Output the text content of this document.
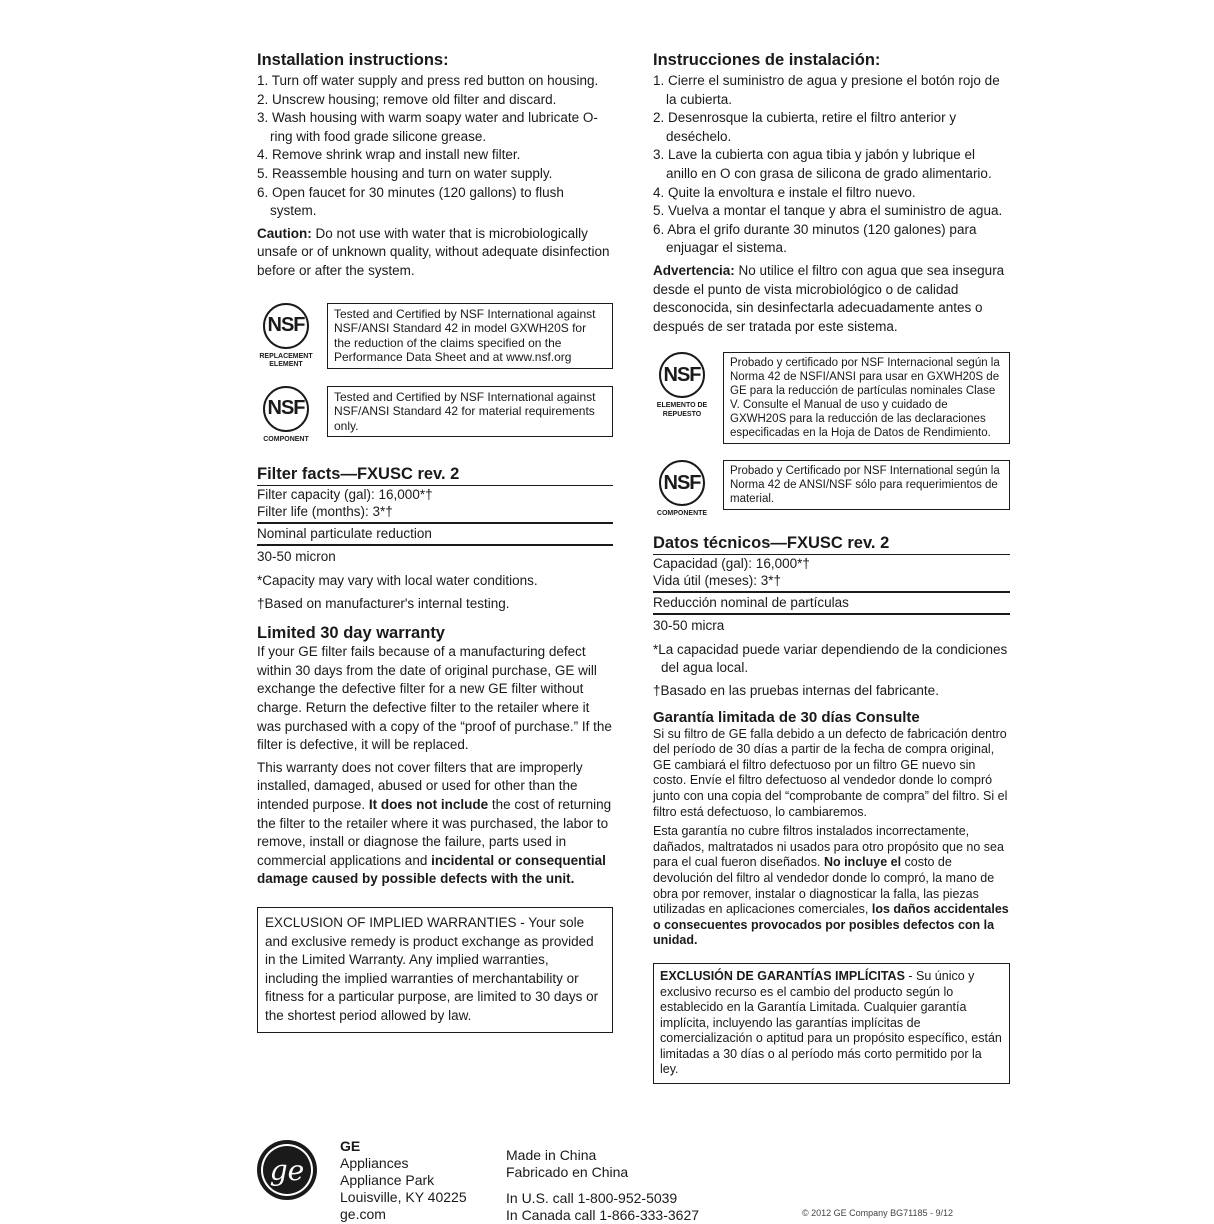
Installation instructions:
1. Turn off water supply and press red button on housing.
2. Unscrew housing; remove old filter and discard.
3. Wash housing with warm soapy water and lubricate O-ring with food grade silicone grease.
4. Remove shrink wrap and install new filter.
5. Reassemble housing and turn on water supply.
6. Open faucet for 30 minutes (120 gallons) to flush system.

Caution: Do not use with water that is microbiologically unsafe or of unknown quality, without adequate disinfection before or after the system.

NSF
REPLACEMENT ELEMENT
Tested and Certified by NSF International against NSF/ANSI Standard 42 in model GXWH20S for the reduction of the claims specified on the Performance Data Sheet and at www.nsf.org
NSF
COMPONENT
Tested and Certified by NSF International against NSF/ANSI Standard 42 for material requirements only.
Filter facts—FXUSC rev. 2
Filter capacity (gal): 16,000*†
Filter life (months): 3*†
Nominal particulate reduction
30-50 micron
*Capacity may vary with local water conditions.
†Based on manufacturer's internal testing.
Limited 30 day warranty

If your GE filter fails because of a manufacturing defect within 30 days from the date of original purchase, GE will exchange the defective filter for a new GE filter without charge. Return the defective filter to the retailer where it was purchased with a copy of the “proof of purchase.” If the filter is defective, it will be replaced.

This warranty does not cover filters that are improperly installed, damaged, abused or used for other than the intended purpose. It does not include the cost of returning the filter to the retailer where it was purchased, the labor to remove, install or diagnose the failure, parts used in commercial applications and incidental or consequential damage caused by possible defects with the unit.

EXCLUSION OF IMPLIED WARRANTIES - Your sole and exclusive remedy is product exchange as provided in the Limited Warranty. Any implied warranties, including the implied warranties of merchantability or fitness for a particular purpose, are limited to 30 days or the shortest period allowed by law.
Instrucciones de instalación:
1. Cierre el suministro de agua y presione el botón rojo de la cubierta.
2. Desenrosque la cubierta, retire el filtro anterior y deséchelo.
3. Lave la cubierta con agua tibia y jabón y lubrique el anillo en O con grasa de silicona de grado alimentario.
4. Quite la envoltura e instale el filtro nuevo.
5. Vuelva a montar el tanque y abra el suministro de agua.
6. Abra el grifo durante 30 minutos (120 galones) para enjuagar el sistema.

Advertencia: No utilice el filtro con agua que sea insegura desde el punto de vista microbiológico o de calidad desconocida, sin desinfectarla adecuadamente antes o después de ser tratada por este sistema.

NSF
ELEMENTO DE REPUESTO
Probado y certificado por NSF Internacional según la Norma 42 de NSFI/ANSI para usar en GXWH20S de GE para la reducción de partículas nominales Clase V. Consulte el Manual de uso y cuidado de GXWH20S para la reducción de las declaraciones especificadas en la Hoja de Datos de Rendimiento.
NSF
COMPONENTE
Probado y Certificado por NSF International según la Norma 42 de ANSI/NSF sólo para requerimientos de material.
Datos técnicos—FXUSC rev. 2
Capacidad (gal): 16,000*†
Vida útil (meses): 3*†
Reducción nominal de partículas
30-50 micra
*La capacidad puede variar dependiendo de la condiciones del agua local.
†Basado en las pruebas internas del fabricante.
Garantía limitada de 30 días Consulte

Si su filtro de GE falla debido a un defecto de fabricación dentro del período de 30 días a partir de la fecha de compra original, GE cambiará el filtro defectuoso por un filtro GE nuevo sin costo. Envíe el filtro defectuoso al vendedor donde lo compró junto con una copia del “comprobante de compra” del filtro. Si el filtro está defectuoso, lo cambiaremos.

Esta garantía no cubre filtros instalados incorrectamente, dañados, maltratados ni usados para otro propósito que no sea para el cual fueron diseñados. No incluye el costo de devolución del filtro al vendedor donde lo compró, la mano de obra por remover, instalar o diagnosticar la falla, las piezas utilizadas en aplicaciones comerciales, los daños accidentales o consecuentes provocados por posibles defectos con la unidad.

EXCLUSIÓN DE GARANTÍAS IMPLÍCITAS - Su único y exclusivo recurso es el cambio del producto según lo establecido en la Garantía Limitada. Cualquier garantía implícita, incluyendo las garantías implícitas de comercialización o aptitud para un propósito específico, están limitadas a 30 días o al período más corto permitido por la ley.
ge
GE
Appliances
Appliance Park
Louisville, KY 40225
ge.com
Made in China
Fabricado en China
In U.S. call 1-800-952-5039
In Canada call 1-866-333-3627	© 2012 GE Company BG71185 - 9/12
